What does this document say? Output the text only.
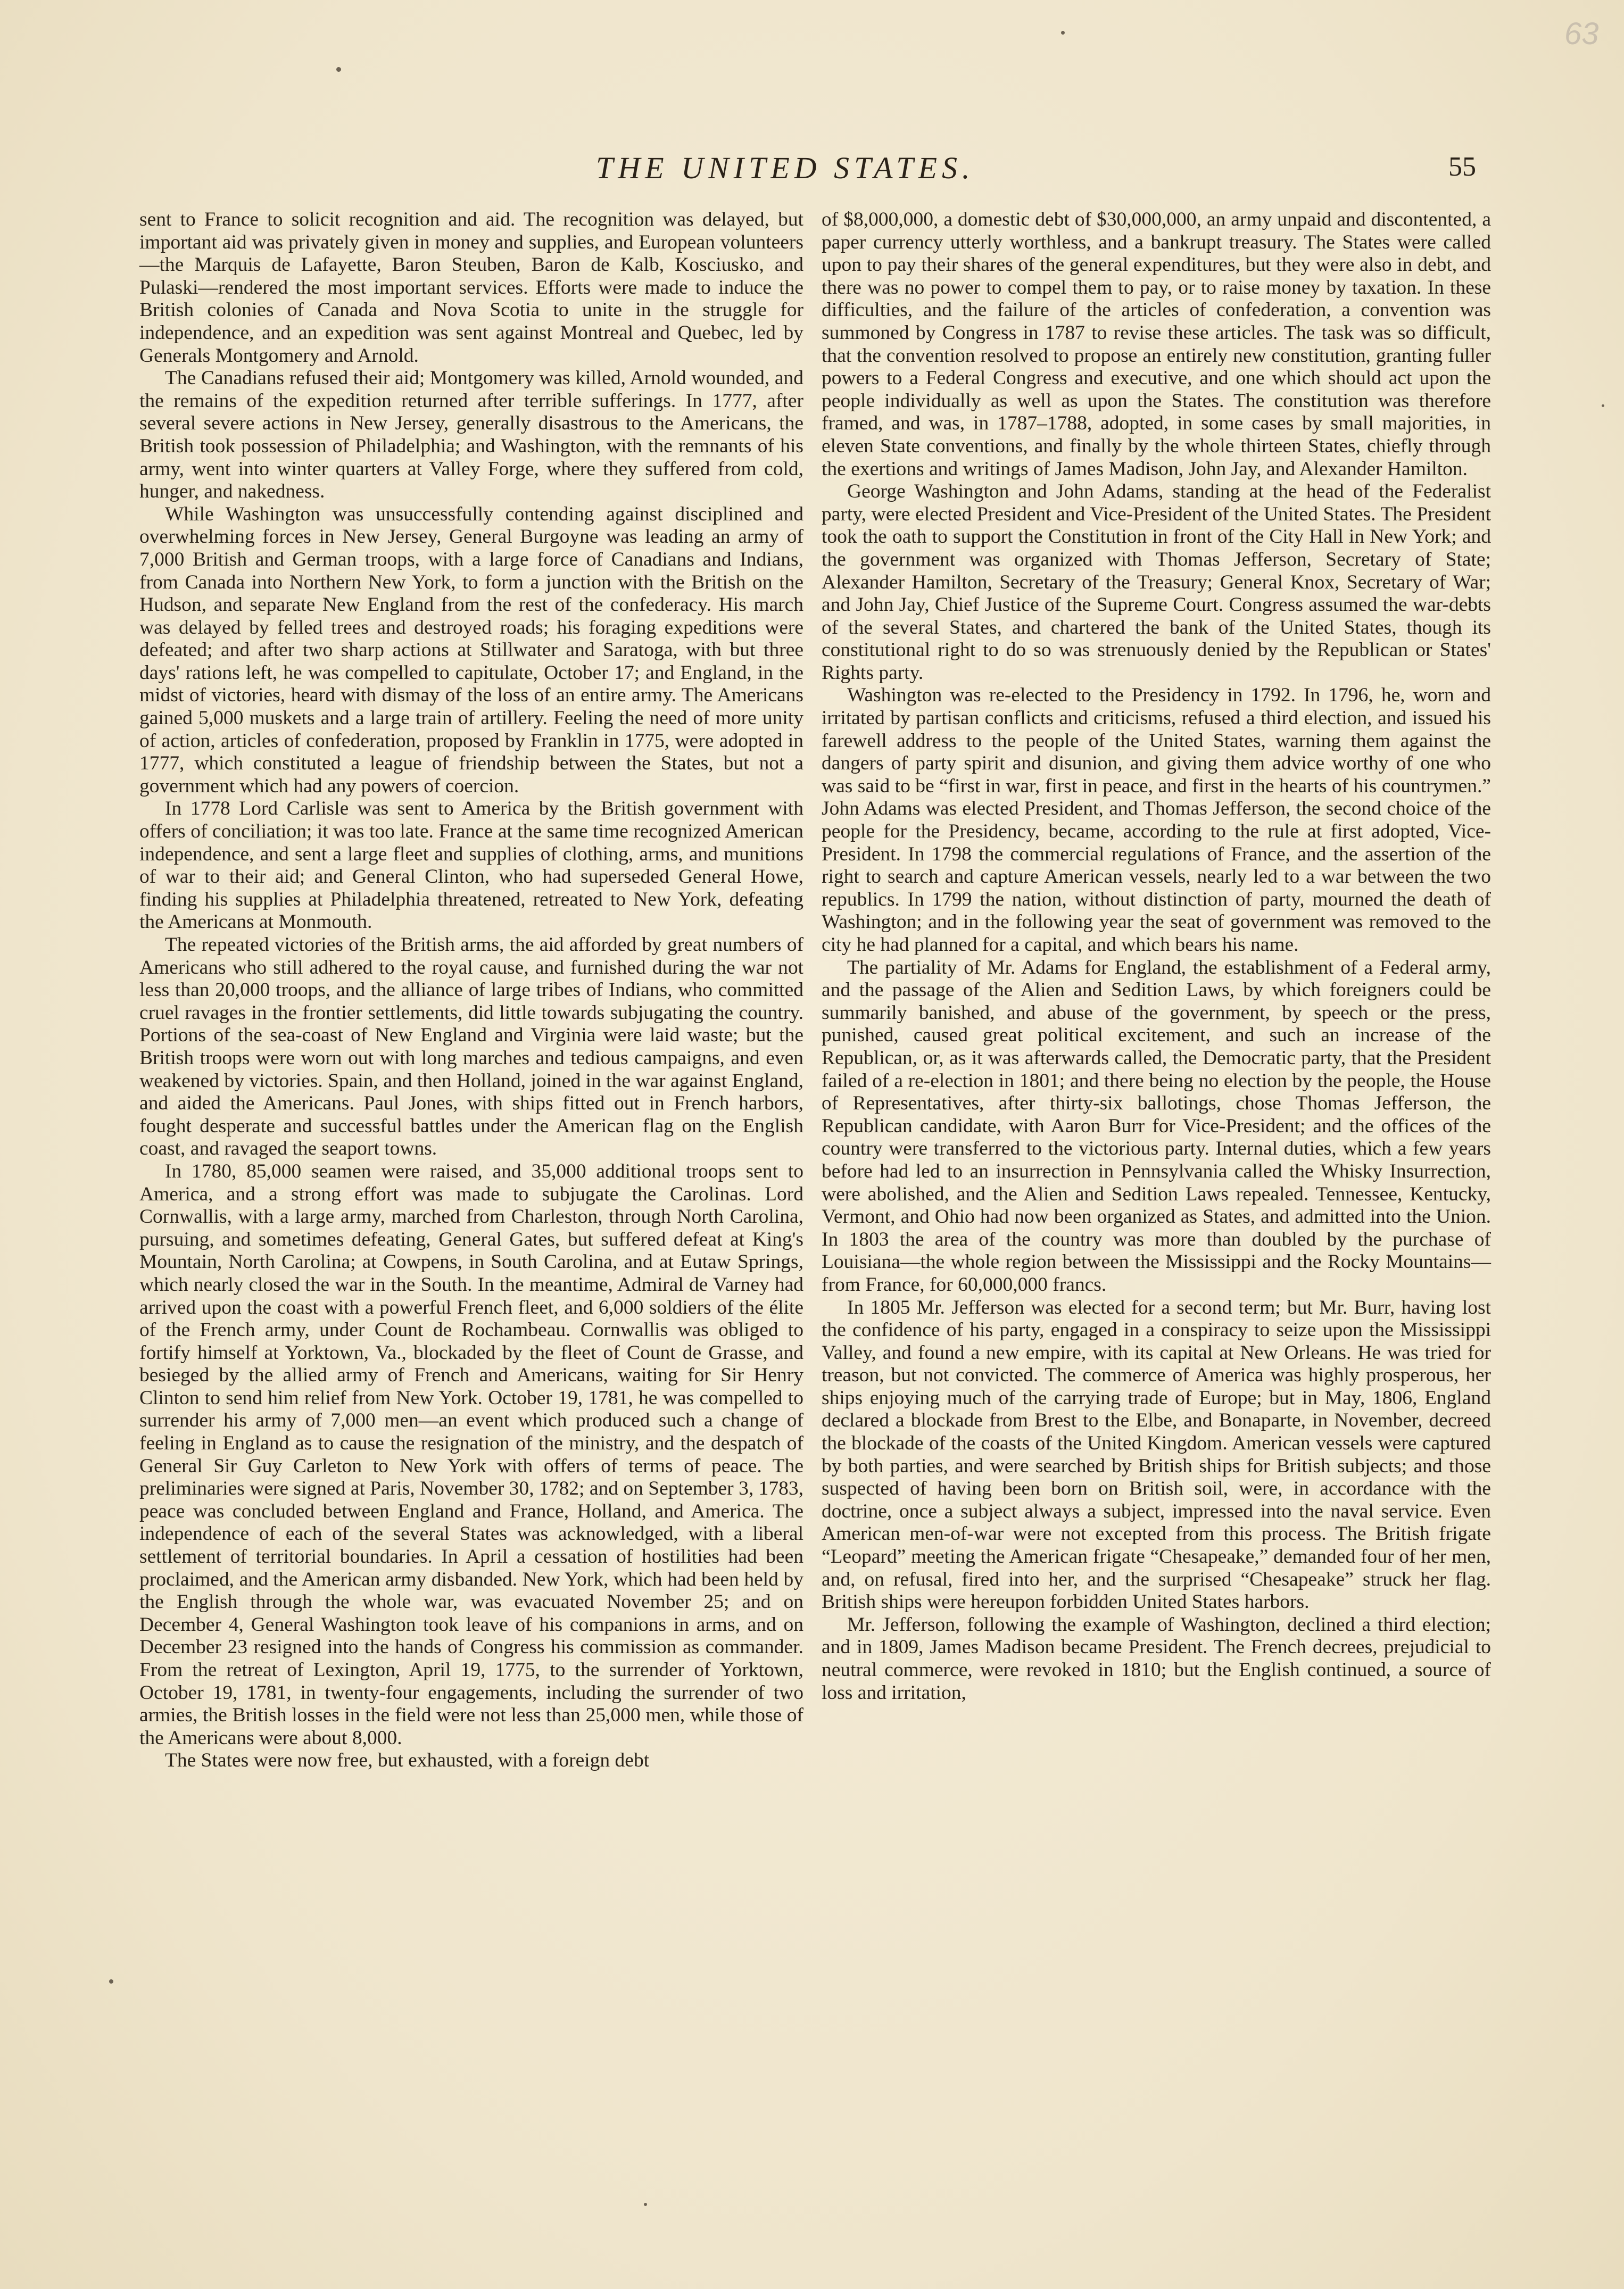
63
THE UNITED STATES.	55

sent to France to solicit recognition and aid. The recognition was delayed, but important aid was privately given in money and supplies, and European volunteers—the Marquis de Lafayette, Baron Steuben, Baron de Kalb, Kosciusko, and Pulaski—rendered the most important services. Efforts were made to induce the British colonies of Canada and Nova Scotia to unite in the struggle for independence, and an expedition was sent against Montreal and Quebec, led by Generals Montgomery and Arnold.

The Canadians refused their aid; Montgomery was killed, Arnold wounded, and the remains of the expedition returned after terrible sufferings. In 1777, after several severe actions in New Jersey, generally disastrous to the Americans, the British took possession of Philadelphia; and Washington, with the remnants of his army, went into winter quarters at Valley Forge, where they suffered from cold, hunger, and nakedness.

While Washington was unsuccessfully contending against disciplined and overwhelming forces in New Jersey, General Burgoyne was leading an army of 7,000 British and German troops, with a large force of Canadians and Indians, from Canada into Northern New York, to form a junction with the British on the Hudson, and separate New England from the rest of the confederacy. His march was delayed by felled trees and destroyed roads; his foraging expeditions were defeated; and after two sharp actions at Stillwater and Saratoga, with but three days' rations left, he was compelled to capitulate, October 17; and England, in the midst of victories, heard with dismay of the loss of an entire army. The Americans gained 5,000 muskets and a large train of artillery. Feeling the need of more unity of action, articles of confederation, proposed by Franklin in 1775, were adopted in 1777, which constituted a league of friendship between the States, but not a government which had any powers of coercion.

In 1778 Lord Carlisle was sent to America by the British government with offers of conciliation; it was too late. France at the same time recognized American independence, and sent a large fleet and supplies of clothing, arms, and munitions of war to their aid; and General Clinton, who had superseded General Howe, finding his supplies at Philadelphia threatened, retreated to New York, defeating the Americans at Monmouth.

The repeated victories of the British arms, the aid afforded by great numbers of Americans who still adhered to the royal cause, and furnished during the war not less than 20,000 troops, and the alliance of large tribes of Indians, who committed cruel ravages in the frontier settlements, did little towards subjugating the country. Portions of the sea-coast of New England and Virginia were laid waste; but the British troops were worn out with long marches and tedious campaigns, and even weakened by victories. Spain, and then Holland, joined in the war against England, and aided the Americans. Paul Jones, with ships fitted out in French harbors, fought desperate and successful battles under the American flag on the English coast, and ravaged the seaport towns.

In 1780, 85,000 seamen were raised, and 35,000 additional troops sent to America, and a strong effort was made to subjugate the Carolinas. Lord Cornwallis, with a large army, marched from Charleston, through North Carolina, pursuing, and sometimes defeating, General Gates, but suffered defeat at King's Mountain, North Carolina; at Cowpens, in South Carolina, and at Eutaw Springs, which nearly closed the war in the South. In the meantime, Admiral de Varney had arrived upon the coast with a powerful French fleet, and 6,000 soldiers of the élite of the French army, under Count de Rochambeau. Cornwallis was obliged to fortify himself at Yorktown, Va., blockaded by the fleet of Count de Grasse, and besieged by the allied army of French and Americans, waiting for Sir Henry Clinton to send him relief from New York. October 19, 1781, he was compelled to surrender his army of 7,000 men—an event which produced such a change of feeling in England as to cause the resignation of the ministry, and the despatch of General Sir Guy Carleton to New York with offers of terms of peace. The preliminaries were signed at Paris, November 30, 1782; and on September 3, 1783, peace was concluded between England and France, Holland, and America. The independence of each of the several States was acknowledged, with a liberal settlement of territorial boundaries. In April a cessation of hostilities had been proclaimed, and the American army disbanded. New York, which had been held by the English through the whole war, was evacuated November 25; and on December 4, General Washington took leave of his companions in arms, and on December 23 resigned into the hands of Congress his commission as commander. From the retreat of Lexington, April 19, 1775, to the surrender of Yorktown, October 19, 1781, in twenty-four engagements, including the surrender of two armies, the British losses in the field were not less than 25,000 men, while those of the Americans were about 8,000.

The States were now free, but exhausted, with a foreign debt

of $8,000,000, a domestic debt of $30,000,000, an army unpaid and discontented, a paper currency utterly worthless, and a bankrupt treasury. The States were called upon to pay their shares of the general expenditures, but they were also in debt, and there was no power to compel them to pay, or to raise money by taxation. In these difficulties, and the failure of the articles of confederation, a convention was summoned by Congress in 1787 to revise these articles. The task was so difficult, that the convention resolved to propose an entirely new constitution, granting fuller powers to a Federal Congress and executive, and one which should act upon the people individually as well as upon the States. The constitution was therefore framed, and was, in 1787–1788, adopted, in some cases by small majorities, in eleven State conventions, and finally by the whole thirteen States, chiefly through the exertions and writings of James Madison, John Jay, and Alexander Hamilton.

George Washington and John Adams, standing at the head of the Federalist party, were elected President and Vice-President of the United States. The President took the oath to support the Constitution in front of the City Hall in New York; and the government was organized with Thomas Jefferson, Secretary of State; Alexander Hamilton, Secretary of the Treasury; General Knox, Secretary of War; and John Jay, Chief Justice of the Supreme Court. Congress assumed the war-debts of the several States, and chartered the bank of the United States, though its constitutional right to do so was strenuously denied by the Republican or States' Rights party.

Washington was re-elected to the Presidency in 1792. In 1796, he, worn and irritated by partisan conflicts and criticisms, refused a third election, and issued his farewell address to the people of the United States, warning them against the dangers of party spirit and disunion, and giving them advice worthy of one who was said to be “first in war, first in peace, and first in the hearts of his countrymen.” John Adams was elected President, and Thomas Jefferson, the second choice of the people for the Presidency, became, according to the rule at first adopted, Vice-President. In 1798 the commercial regulations of France, and the assertion of the right to search and capture American vessels, nearly led to a war between the two republics. In 1799 the nation, without distinction of party, mourned the death of Washington; and in the following year the seat of government was removed to the city he had planned for a capital, and which bears his name.

The partiality of Mr. Adams for England, the establishment of a Federal army, and the passage of the Alien and Sedition Laws, by which foreigners could be summarily banished, and abuse of the government, by speech or the press, punished, caused great political excitement, and such an increase of the Republican, or, as it was afterwards called, the Democratic party, that the President failed of a re-election in 1801; and there being no election by the people, the House of Representatives, after thirty-six ballotings, chose Thomas Jefferson, the Republican candidate, with Aaron Burr for Vice-President; and the offices of the country were transferred to the victorious party. Internal duties, which a few years before had led to an insurrection in Pennsylvania called the Whisky Insurrection, were abolished, and the Alien and Sedition Laws repealed. Tennessee, Kentucky, Vermont, and Ohio had now been organized as States, and admitted into the Union. In 1803 the area of the country was more than doubled by the purchase of Louisiana—the whole region between the Mississippi and the Rocky Mountains—from France, for 60,000,000 francs.

In 1805 Mr. Jefferson was elected for a second term; but Mr. Burr, having lost the confidence of his party, engaged in a conspiracy to seize upon the Mississippi Valley, and found a new empire, with its capital at New Orleans. He was tried for treason, but not convicted. The commerce of America was highly prosperous, her ships enjoying much of the carrying trade of Europe; but in May, 1806, England declared a blockade from Brest to the Elbe, and Bonaparte, in November, decreed the blockade of the coasts of the United Kingdom. American vessels were captured by both parties, and were searched by British ships for British subjects; and those suspected of having been born on British soil, were, in accordance with the doctrine, once a subject always a subject, impressed into the naval service. Even American men-of-war were not excepted from this process. The British frigate “Leopard” meeting the American frigate “Chesapeake,” demanded four of her men, and, on refusal, fired into her, and the surprised “Chesapeake” struck her flag. British ships were hereupon forbidden United States harbors.

Mr. Jefferson, following the example of Washington, declined a third election; and in 1809, James Madison became President. The French decrees, prejudicial to neutral commerce, were revoked in 1810; but the English continued, a source of loss and irritation,
